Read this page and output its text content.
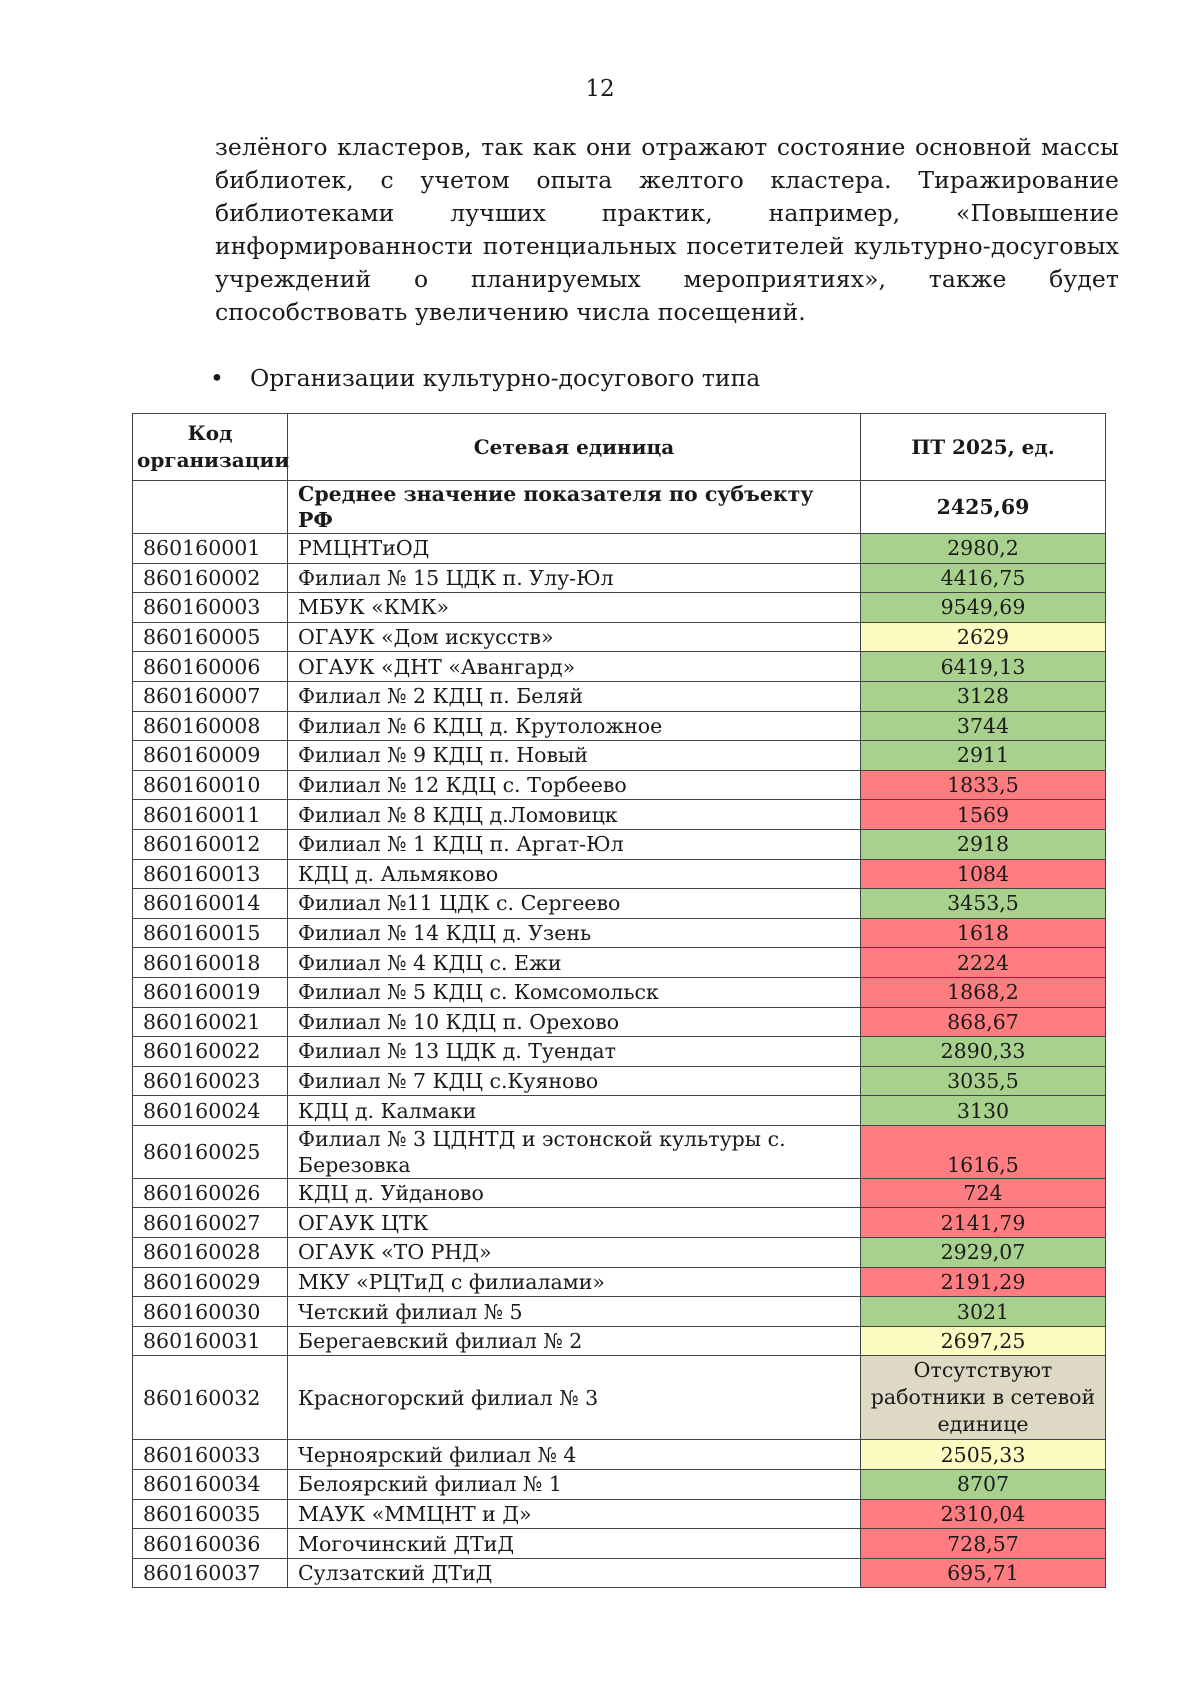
12

зелёного кластеров, так как они отражают состояние основной массы библиотек, с учетом опыта желтого кластера. Тиражирование библиотеками лучших практик, например, «Повышение информированности потенциальных посетителей культурно-досуговых учреждений о планируемых мероприятиях», также будет способствовать увеличению числа посещений.

• Организации культурно-досугового типа
Код организации	Сетевая единица	ПТ 2025, ед.
	Среднее значение показателя по субъекту РФ	2425,69
860160001	РМЦНТиОД	2980,2
860160002	Филиал № 15 ЦДК п. Улу-Юл	4416,75
860160003	МБУК «КМК»	9549,69
860160005	ОГАУК «Дом искусств»	2629
860160006	ОГАУК «ДНТ «Авангард»	6419,13
860160007	Филиал № 2 КДЦ п. Беляй	3128
860160008	Филиал № 6 КДЦ д. Крутоложное	3744
860160009	Филиал № 9 КДЦ п. Новый	2911
860160010	Филиал № 12 КДЦ с. Торбеево	1833,5
860160011	Филиал № 8 КДЦ д.Ломовицк	1569
860160012	Филиал № 1 КДЦ п. Аргат-Юл	2918
860160013	КДЦ д. Альмяково	1084
860160014	Филиал №11 ЦДК с. Сергеево	3453,5
860160015	Филиал № 14 КДЦ д. Узень	1618
860160018	Филиал № 4 КДЦ с. Ежи	2224
860160019	Филиал № 5 КДЦ с. Комсомольск	1868,2
860160021	Филиал № 10 КДЦ п. Орехово	868,67
860160022	Филиал № 13 ЦДК д. Туендат	2890,33
860160023	Филиал № 7 КДЦ с.Куяново	3035,5
860160024	КДЦ д. Калмаки	3130
860160025	Филиал № 3 ЦДНТД и эстонской культуры с. Березовка	1616,5
860160026	КДЦ д. Уйданово	724
860160027	ОГАУК ЦТК	2141,79
860160028	ОГАУК «ТО РНД»	2929,07
860160029	МКУ «РЦТиД с филиалами»	2191,29
860160030	Четский филиал № 5	3021
860160031	Берегаевский филиал № 2	2697,25
860160032	Красногорский филиал № 3	Отсутствуют работники в сетевой единице
860160033	Черноярский филиал № 4	2505,33
860160034	Белоярский филиал № 1	8707
860160035	МАУК «ММЦНТ и Д»	2310,04
860160036	Могочинский ДТиД	728,57
860160037	Сулзатский ДТиД	695,71
